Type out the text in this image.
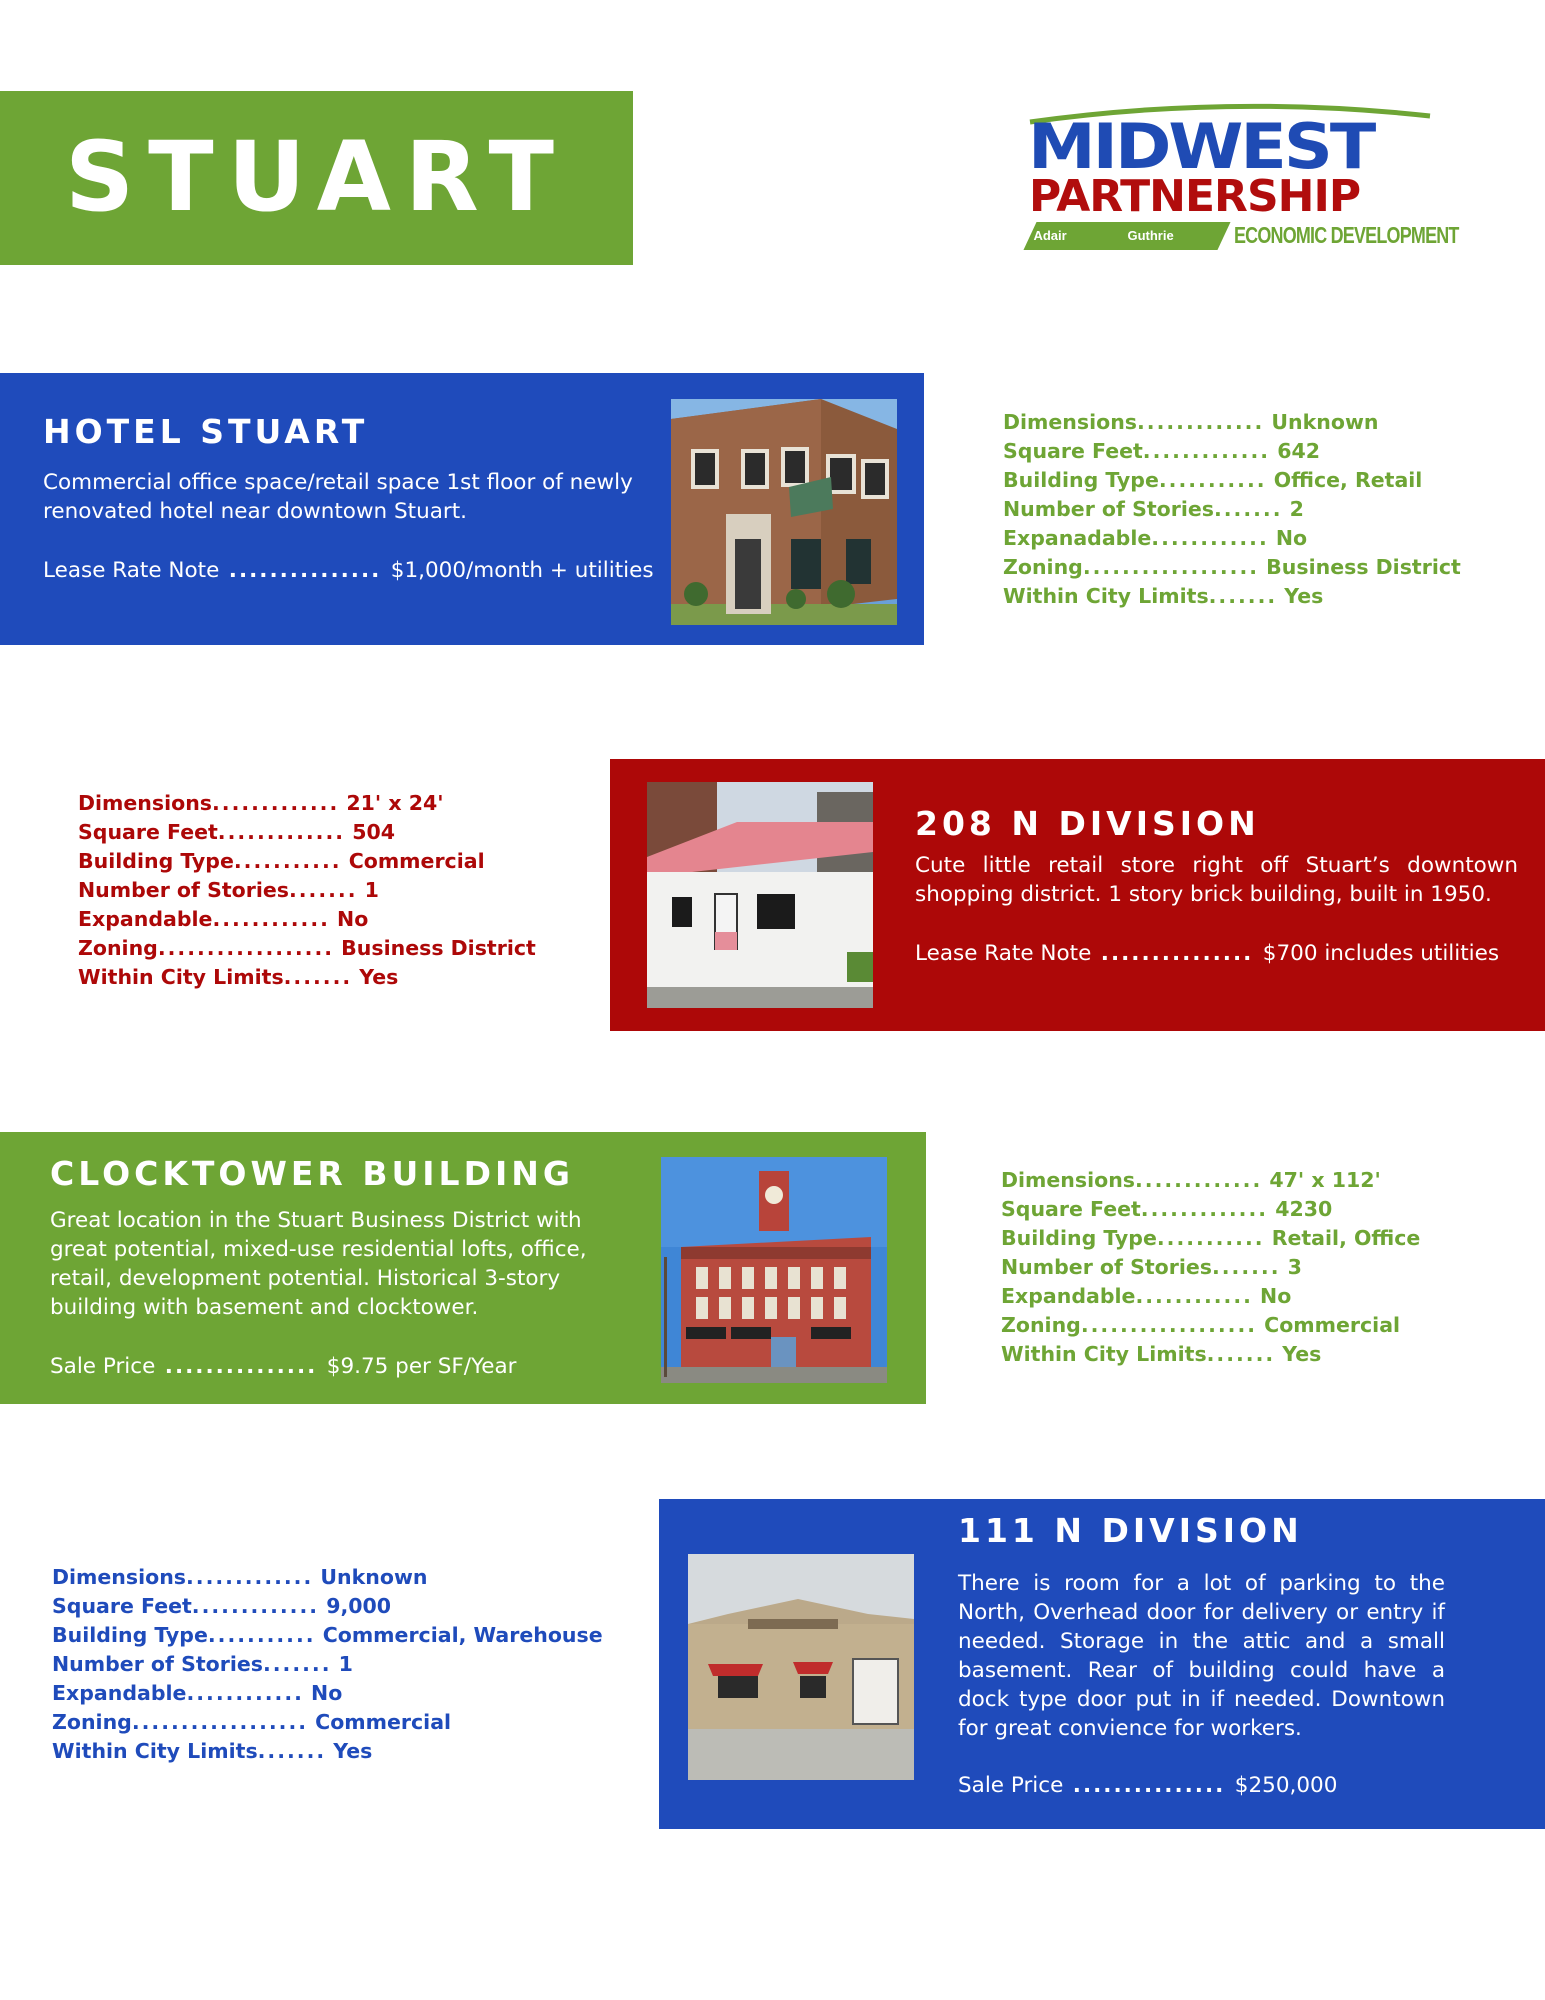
STUART	MIDWEST
PARTNERSHIP
Adair County
Guthrie County
ECONOMIC DEVELOPMENT
HOTEL STUART
Commercial office space/retail space 1st floor of newly renovated hotel near downtown Stuart.
Lease Rate Note ............... $1,000/month + utilities
Dimensions............. Unknown
Square Feet............. 642
Building Type........... Office, Retail
Number of Stories....... 2
Expanadable............ No
Zoning.................. Business District
Within City Limits....... Yes
Dimensions............. 21' x 24'
Square Feet............. 504
Building Type........... Commercial
Number of Stories....... 1
Expandable............ No
Zoning.................. Business District
Within City Limits....... Yes
208 N DIVISION
Cute little retail store right off Stuart’s downtown shopping district. 1 story brick building, built in 1950.
Lease Rate Note ............... $700 includes utilities
CLOCKTOWER BUILDING
Great location in the Stuart Business District with great potential, mixed-use residential lofts, office, retail, development potential. Historical 3-story building with basement and clocktower.
Sale Price ............... $9.75 per SF/Year
Dimensions............. 47' x 112'
Square Feet............. 4230
Building Type........... Retail, Office
Number of Stories....... 3
Expandable............ No
Zoning.................. Commercial
Within City Limits....... Yes
Dimensions............. Unknown
Square Feet............. 9,000
Building Type........... Commercial, Warehouse
Number of Stories....... 1
Expandable............ No
Zoning.................. Commercial
Within City Limits....... Yes
111 N DIVISION
There is room for a lot of parking to the North, Overhead door for delivery or entry if needed. Storage in the attic and a small basement. Rear of building could have a dock type door put in if needed. Downtown for great convience for workers.
Sale Price ............... $250,000
